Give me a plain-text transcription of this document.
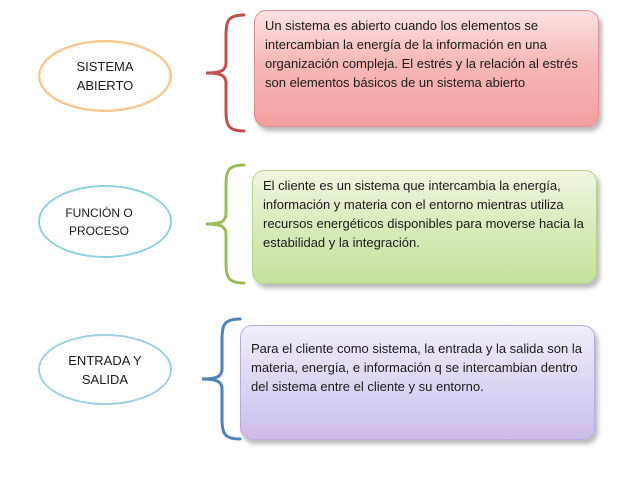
SISTEMA
ABIERTO
Un sistema es abierto cuando los elementos se intercambian la energía de la información en una organización compleja. El estrés y la relación al estrés son elementos básicos de un sistema abierto
FUNCIÓN O
PROCESO
El cliente es un sistema que intercambia la energía, información y materia con el entorno mientras utiliza recursos energéticos disponibles para moverse hacia la estabilidad y la integración.
ENTRADA Y
SALIDA
Para el cliente como sistema, la entrada y la salida son la materia, energía, e información q se intercambian dentro del sistema entre el cliente y su entorno.
